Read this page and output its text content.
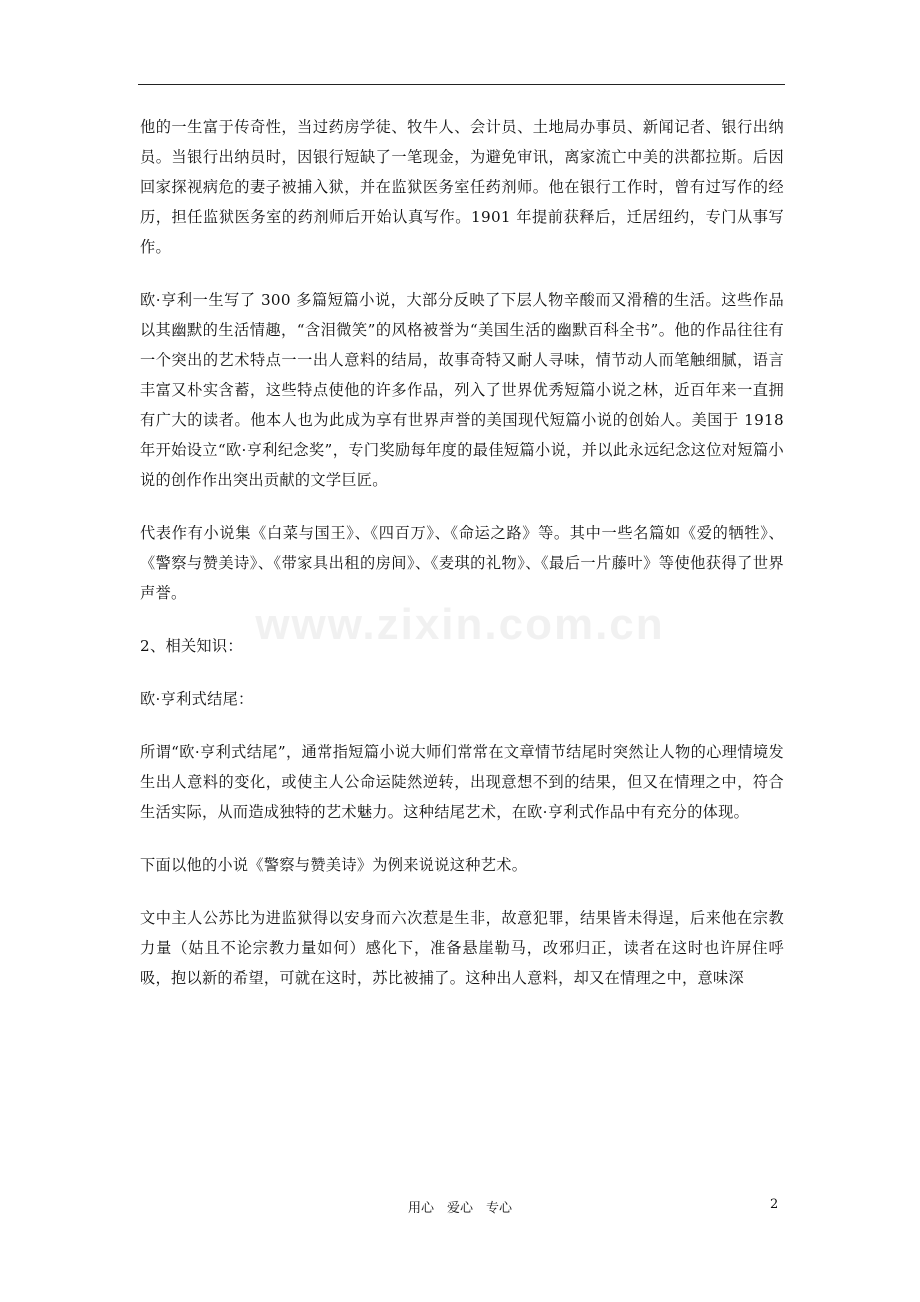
www.zixin.com.cn

他的一生富于传奇性，当过药房学徒、牧牛人、会计员、土地局办事员、新闻记者、银行出纳员。当银行出纳员时，因银行短缺了一笔现金，为避免审讯，离家流亡中美的洪都拉斯。后因回家探视病危的妻子被捕入狱，并在监狱医务室任药剂师。他在银行工作时，曾有过写作的经历，担任监狱医务室的药剂师后开始认真写作。1901 年提前获释后，迁居纽约，专门从事写作。

欧·亨利一生写了 300 多篇短篇小说，大部分反映了下层人物辛酸而又滑稽的生活。这些作品以其幽默的生活情趣，“含泪微笑”的风格被誉为“美国生活的幽默百科全书”。他的作品往往有一个突出的艺术特点一一出人意料的结局，故事奇特又耐人寻味，情节动人而笔触细腻，语言丰富又朴实含蓄，这些特点使他的许多作品，列入了世界优秀短篇小说之林，近百年来一直拥有广大的读者。他本人也为此成为享有世界声誉的美国现代短篇小说的创始人。美国于 1918 年开始设立“欧·亨利纪念奖”，专门奖励每年度的最佳短篇小说，并以此永远纪念这位对短篇小说的创作作出突出贡献的文学巨匠。

代表作有小说集《白菜与国王》、《四百万》、《命运之路》等。其中一些名篇如《爱的牺牲》、《警察与赞美诗》、《带家具出租的房间》、《麦琪的礼物》、《最后一片藤叶》等使他获得了世界声誉。

2、相关知识：

欧·亨利式结尾：

所谓“欧·亨利式结尾”，通常指短篇小说大师们常常在文章情节结尾时突然让人物的心理情境发生出人意料的变化，或使主人公命运陡然逆转，出现意想不到的结果，但又在情理之中，符合生活实际，从而造成独特的艺术魅力。这种结尾艺术，在欧·亨利式作品中有充分的体现。

下面以他的小说《警察与赞美诗》为例来说说这种艺术。

文中主人公苏比为进监狱得以安身而六次惹是生非，故意犯罪，结果皆未得逞，后来他在宗教力量（姑且不论宗教力量如何）感化下，准备悬崖勒马，改邪归正，读者在这时也许屏住呼吸，抱以新的希望，可就在这时，苏比被捕了。这种出人意料，却又在情理之中，意味深

用心　爱心　专心	2
